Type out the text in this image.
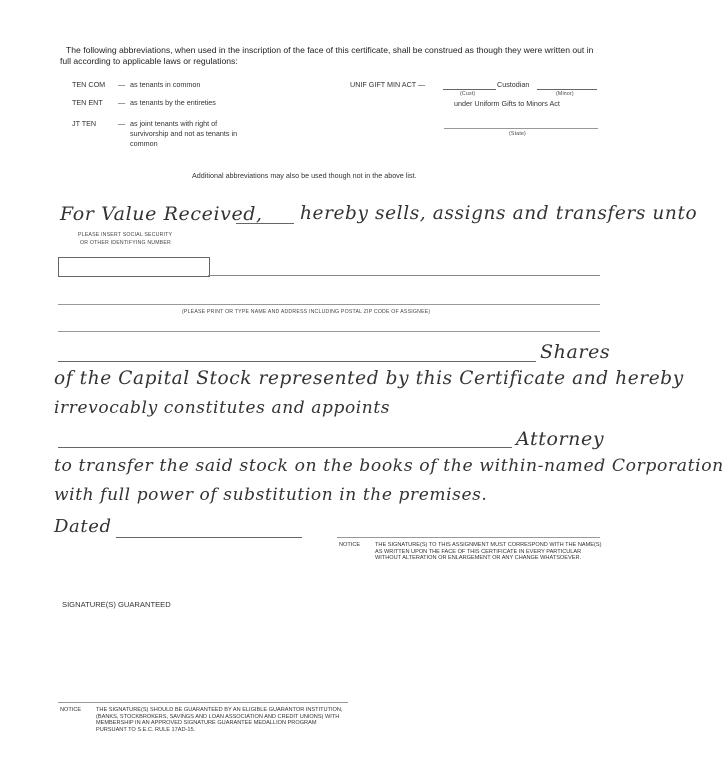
The following abbreviations, when used in the inscription of the face of this certificate, shall be construed as though they were written out in full according to applicable laws or regulations:
TEN COM — as tenants in common
TEN ENT — as tenants by the entireties
JT TEN	— as joint tenants with right of survivorship and not as tenants in common
UNIF GIFT MIN ACT —	Custodian
(Cust)	(Minor)
under Uniform Gifts to Minors Act
(State)
Additional abbreviations may also be used though not in the above list.
For Value Received, hereby sells, assigns and transfers unto
PLEASE INSERT SOCIAL SECURITY
OR OTHER IDENTIFYING NUMBER
(PLEASE PRINT OR TYPE NAME AND ADDRESS INCLUDING POSTAL ZIP CODE OF ASSIGNEE)
Shares
of the Capital Stock represented by this Certificate and hereby
irrevocably constitutes and appoints
Attorney
to transfer the said stock on the books of the within-named Corporation
with full power of substitution in the premises.
Dated
NOTICE	THE SIGNATURE(S) TO THIS ASSIGNMENT MUST CORRESPOND WITH THE NAME(S) AS WRITTEN UPON THE FACE OF THIS CERTIFICATE IN EVERY PARTICULAR WITHOUT ALTERATION OR ENLARGEMENT OR ANY CHANGE WHATSOEVER.
SIGNATURE(S) GUARANTEED
NOTICE	THE SIGNATURE(S) SHOULD BE GUARANTEED BY AN ELIGIBLE GUARANTOR INSTITUTION, (BANKS, STOCKBROKERS, SAVINGS AND LOAN ASSOCIATION AND CREDIT UNIONS) WITH MEMBERSHIP IN AN APPROVED SIGNATURE GUARANTEE MEDALLION PROGRAM PURSUANT TO S.E.C. RULE 17AD-15.
